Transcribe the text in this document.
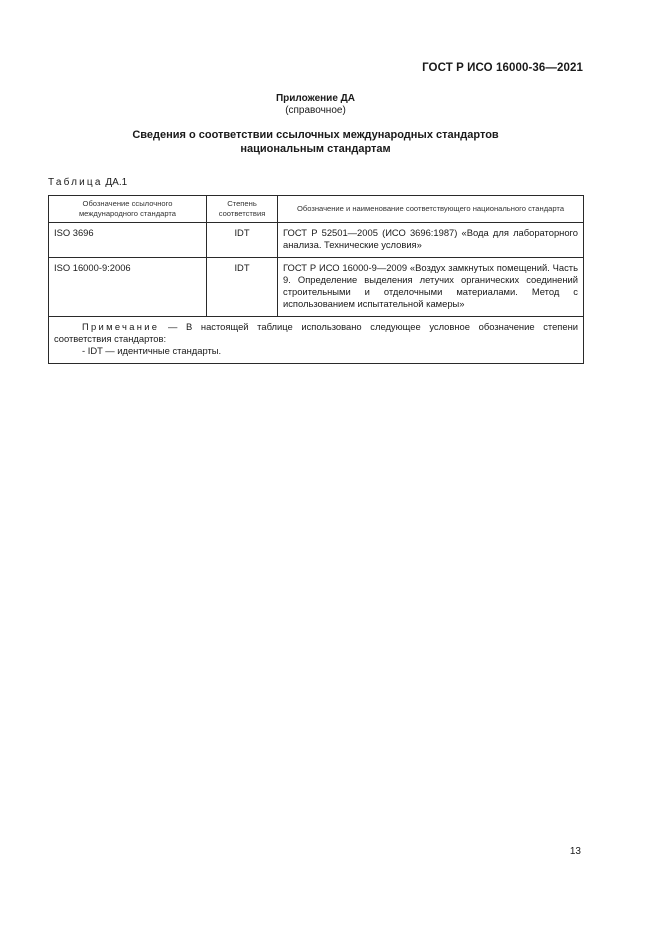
ГОСТ Р ИСО 16000-36—2021
Приложение ДА
(справочное)
Сведения о соответствии ссылочных международных стандартов
национальным стандартам
Таблица ДА.1
Обозначение ссылочного международного стандарта	Степень соответствия	Обозначение и наименование соответствующего национального стандарта
ISO 3696	IDT	ГОСТ Р 52501—2005 (ИСО 3696:1987) «Вода для лабораторного анализа. Технические условия»
ISO 16000-9:2006	IDT	ГОСТ Р ИСО 16000-9—2009 «Воздух замкнутых помещений. Часть 9. Определение выделения летучих органических соединений строительными и отделочными материалами. Метод с использованием испытательной камеры»

Примечание — В настоящей таблице использовано следующее условное обозначение степени соответствия стандартов:
- IDT — идентичные стандарты.		
13
